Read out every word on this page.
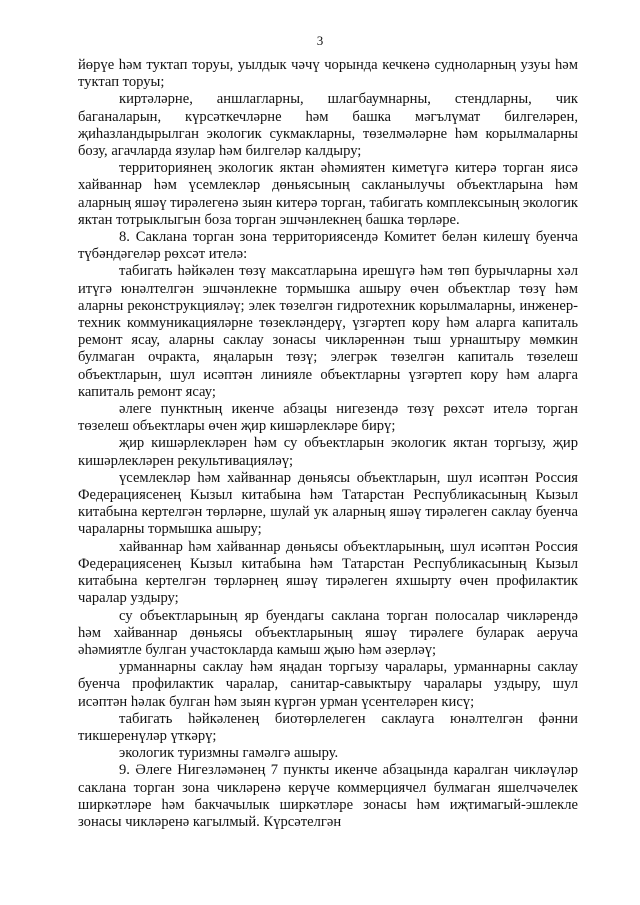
3

йөрүе һәм туктап торуы, уылдык чәчү чорында кечкенә судноларның узуы һәм туктап торуы;

киртәләрне, аншлагларны, шлагбаумнарны, стендларны, чик баганаларын, күрсәткечләрне һәм башка мәгълүмат билгеләрен, җиһазландырылган экологик сукмакларны, төзелмәләрне һәм корылмаларны бозу, агачларда язулар һәм билгеләр калдыру;

территориянең экологик яктан әһәмиятен киметүгә китерә торган яисә хайваннар һәм үсемлекләр дөньясының сакланылучы объектларына һәм аларның яшәү тирәлегенә зыян китерә торган, табигать комплексының экологик яктан тотрыклыгын боза торган эшчәнлекнең башка төрләре.

8. Саклана торган зона территориясендә Комитет белән килешү буенча түбәндәгеләр рөхсәт ителә:

табигать һәйкәлен төзү максатларына ирешүгә һәм төп бурычларны хәл итүгә юнәлтелгән эшчәнлекне тормышка ашыру өчен объектлар төзү һәм аларны реконструкцияләү; элек төзелгән гидротехник корылмаларны, инженер-техник коммуникацияләрне төзекләндерү, үзгәртеп кору һәм аларга капиталь ремонт ясау, аларны саклау зонасы чикләреннән тыш урнаштыру мөмкин булмаган очракта, яңаларын төзү; элегрәк төзелгән капиталь төзелеш объектларын, шул исәптән линияле объектларны үзгәртеп кору һәм аларга капиталь ремонт ясау;

әлеге пунктның икенче абзацы нигезендә төзү рөхсәт ителә торган төзелеш объектлары өчен җир кишәрлекләре бирү;

җир кишәрлекләрен һәм су объектларын экологик яктан торгызу, җир кишәрлекләрен рекультивацияләү;

үсемлекләр һәм хайваннар дөньясы объектларын, шул исәптән Россия Федерациясенең Кызыл китабына һәм Татарстан Республикасының Кызыл китабына кертелгән төрләрне, шулай ук аларның яшәү тирәлеген саклау буенча чараларны тормышка ашыру;

хайваннар һәм хайваннар дөньясы объектларының, шул исәптән Россия Федерациясенең Кызыл китабына һәм Татарстан Республикасының Кызыл китабына кертелгән төрләрнең яшәү тирәлеген яхшырту өчен профилактик чаралар уздыру;

су объектларының яр буендагы саклана торган полосалар чикләрендә һәм хайваннар дөньясы объектларының яшәү тирәлеге буларак аеруча әһәмиятле булган участокларда камыш җыю һәм әзерләү;

урманнарны саклау һәм яңадан торгызу чаралары, урманнарны саклау буенча профилактик чаралар, санитар-савыктыру чаралары уздыру, шул исәптән һәлак булган һәм зыян күргән урман үсентеләрен кисү;

табигать һәйкәленең биотөрлелеген саклауга юнәлтелгән фәнни тикшеренүләр үткәрү;

экологик туризмны гамәлгә ашыру.

9. Әлеге Нигезләмәнең 7 пункты икенче абзацында каралган чикләүләр саклана торган зона чикләренә керүче коммерциячел булмаган яшелчәчелек ширкәтләре һәм бакчачылык ширкәтләре зонасы һәм иҗтимагый-эшлекле зонасы чикләренә кагылмый. Күрсәтелгән
